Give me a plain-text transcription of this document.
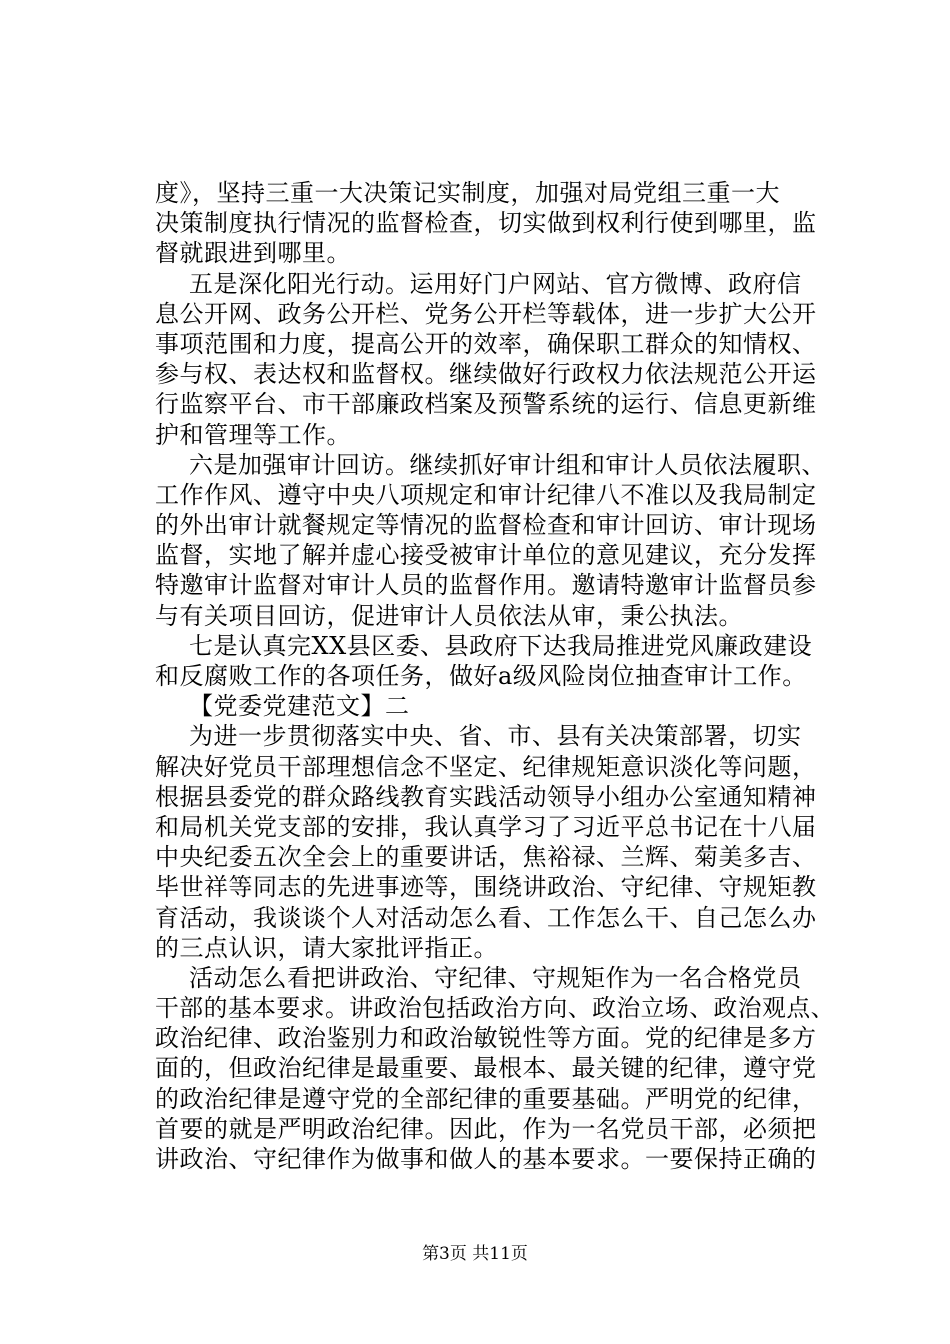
度》，坚持三重一大决策记实制度，加强对局党组三重一大
决策制度执行情况的监督检查，切实做到权利行使到哪里，监
督就跟进到哪里。
五是深化阳光行动。运用好门户网站、官方微博、政府信
息公开网、政务公开栏、党务公开栏等载体，进一步扩大公开
事项范围和力度，提高公开的效率，确保职工群众的知情权、
参与权、表达权和监督权。继续做好行政权力依法规范公开运
行监察平台、市干部廉政档案及预警系统的运行、信息更新维
护和管理等工作。
六是加强审计回访。继续抓好审计组和审计人员依法履职、
工作作风、遵守中央八项规定和审计纪律八不准以及我局制定
的外出审计就餐规定等情况的监督检查和审计回访、审计现场
监督，实地了解并虚心接受被审计单位的意见建议，充分发挥
特邀审计监督对审计人员的监督作用。邀请特邀审计监督员参
与有关项目回访，促进审计人员依法从审，秉公执法。
七是认真完XX县区委、县政府下达我局推进党风廉政建设
和反腐败工作的各项任务，做好a级风险岗位抽查审计工作。
【党委党建范文】二
为进一步贯彻落实中央、省、市、县有关决策部署，切实
解决好党员干部理想信念不坚定、纪律规矩意识淡化等问题，
根据县委党的群众路线教育实践活动领导小组办公室通知精神
和局机关党支部的安排，我认真学习了习近平总书记在十八届
中央纪委五次全会上的重要讲话，焦裕禄、兰辉、菊美多吉、
毕世祥等同志的先进事迹等，围绕讲政治、守纪律、守规矩教
育活动，我谈谈个人对活动怎么看、工作怎么干、自己怎么办
的三点认识，请大家批评指正。
活动怎么看把讲政治、守纪律、守规矩作为一名合格党员
干部的基本要求。讲政治包括政治方向、政治立场、政治观点、
政治纪律、政治鉴别力和政治敏锐性等方面。党的纪律是多方
面的，但政治纪律是最重要、最根本、最关键的纪律，遵守党
的政治纪律是遵守党的全部纪律的重要基础。严明党的纪律，
首要的就是严明政治纪律。因此，作为一名党员干部，必须把
讲政治、守纪律作为做事和做人的基本要求。一要保持正确的
第3页 共11页
